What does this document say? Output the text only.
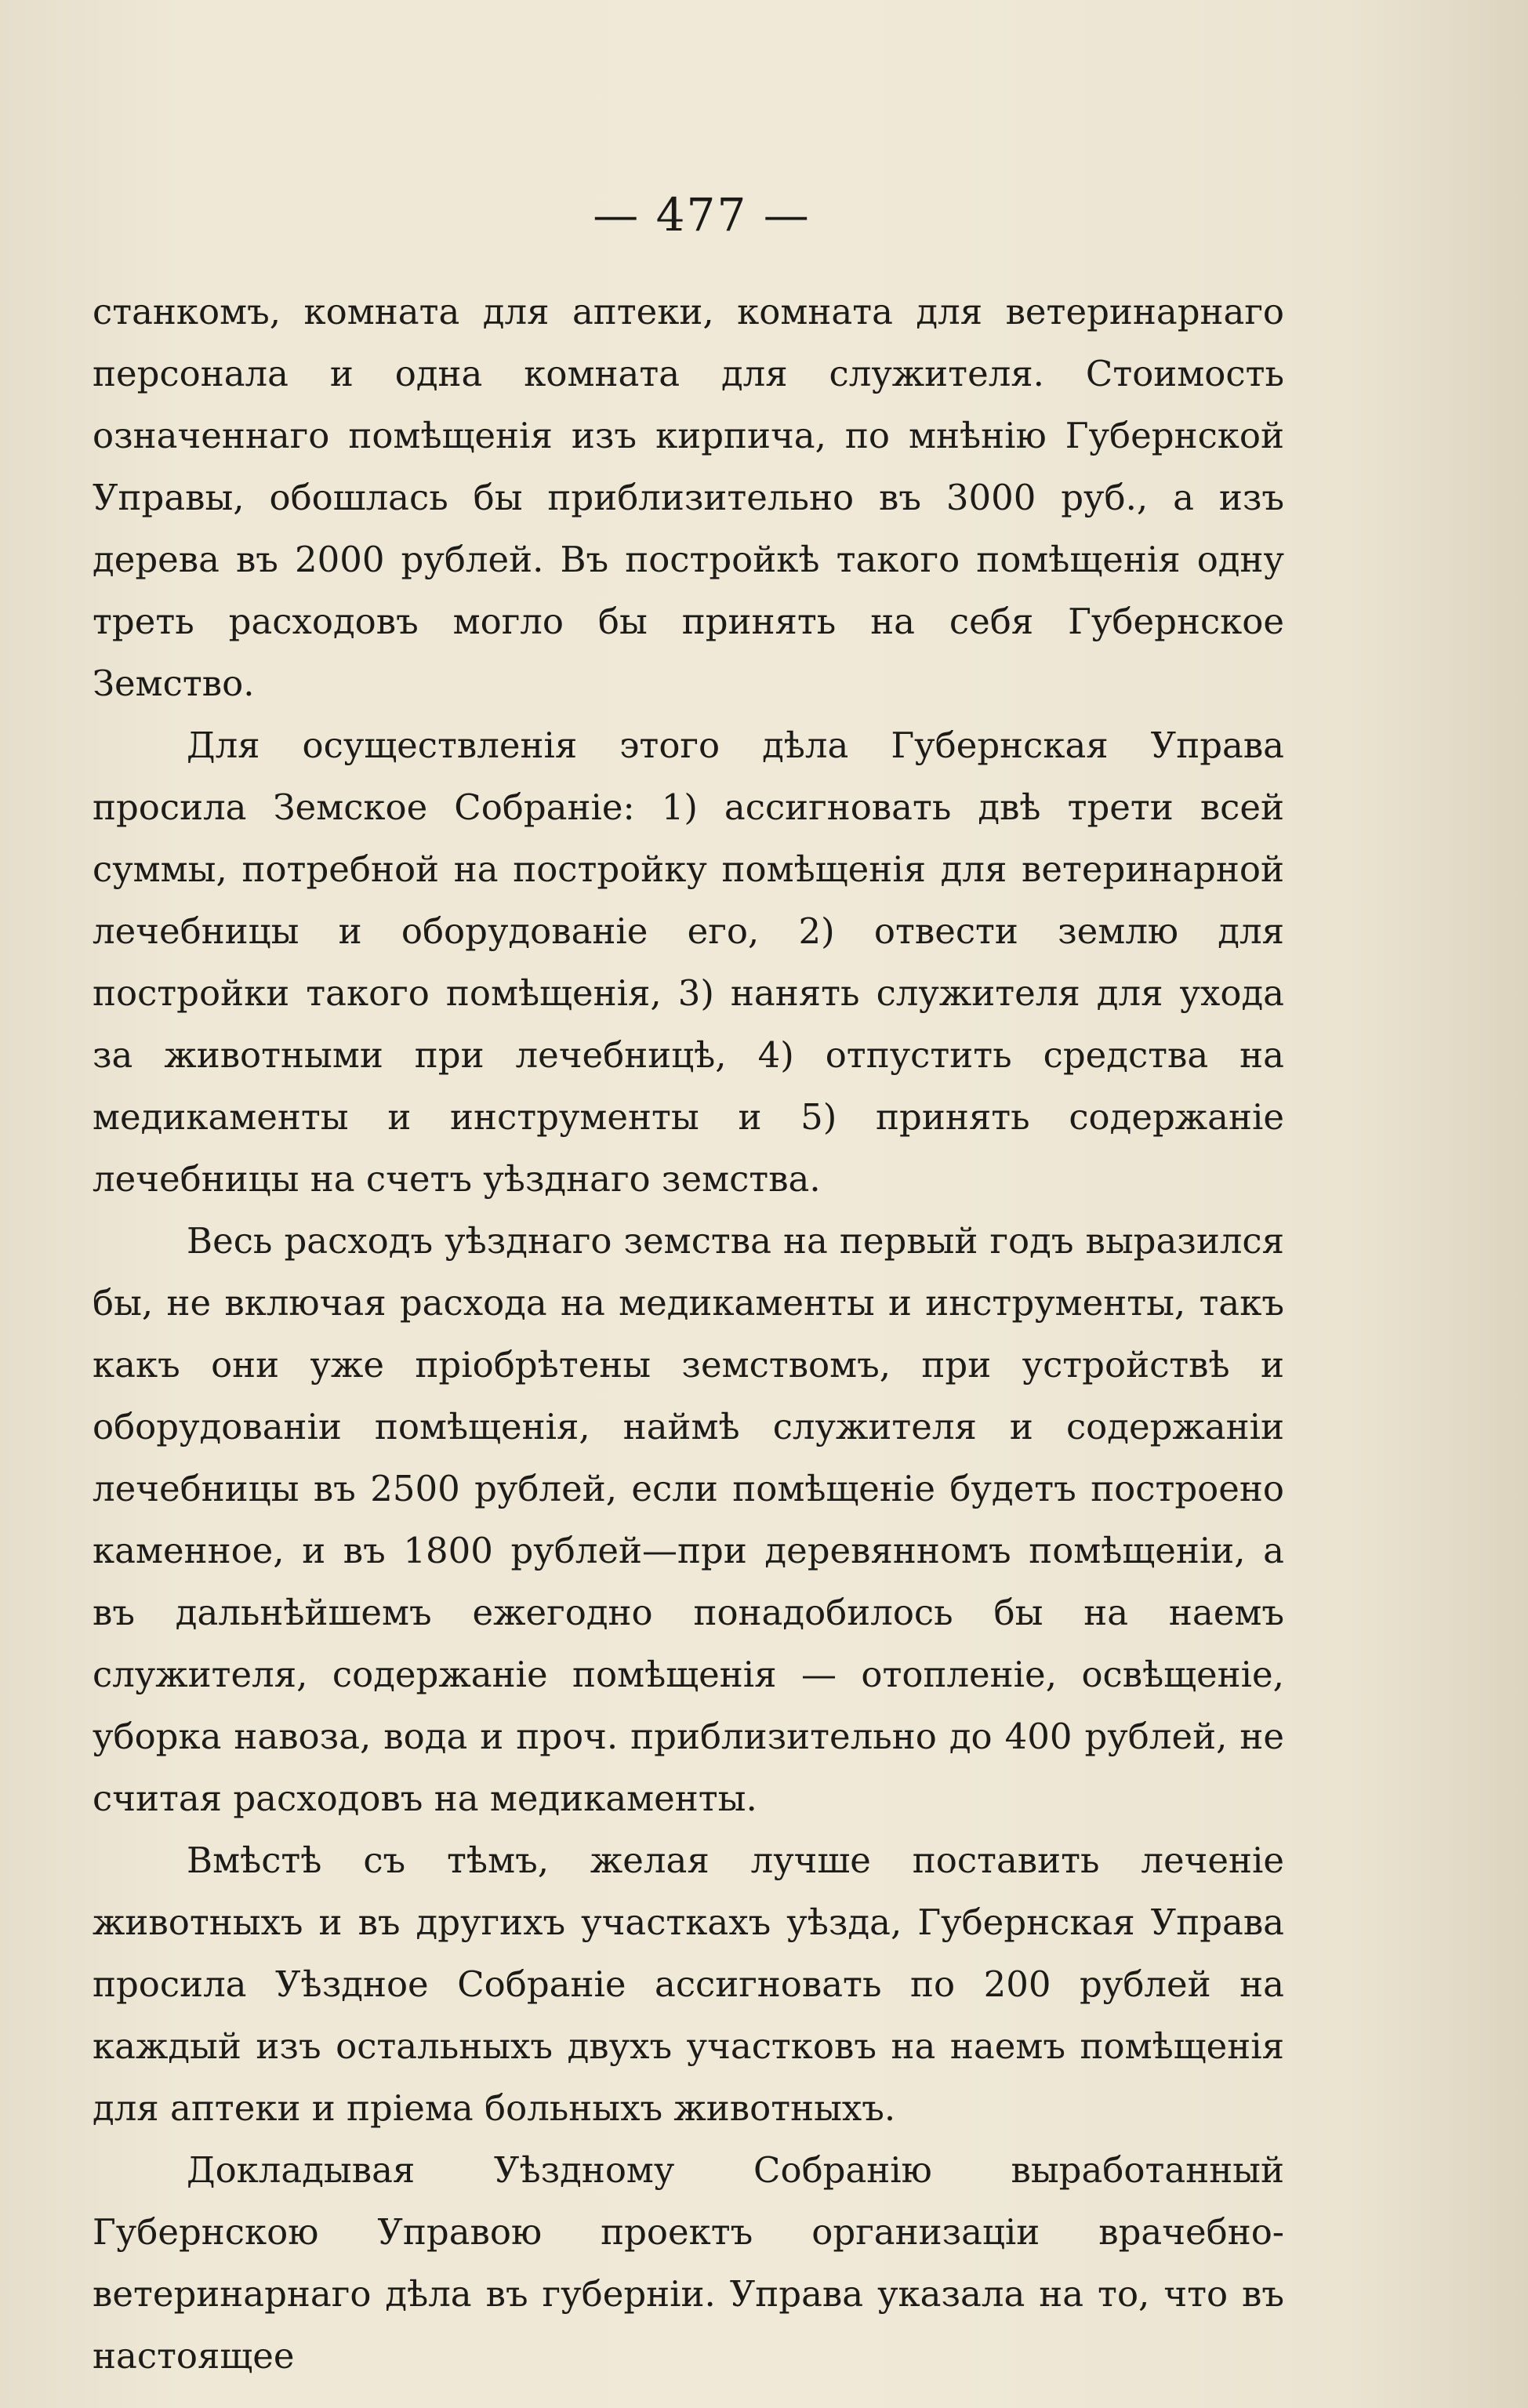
— 477 —

станкомъ, комната для аптеки, комната для ветеринарнаго персонала и одна комната для служителя. Стоимость означеннаго помѣщенія изъ кирпича, по мнѣнію Губернской Управы, обошлась бы приблизительно въ 3000 руб., а изъ дерева въ 2000 рублей. Въ постройкѣ такого помѣщенія одну треть расходовъ могло бы принять на себя Губернское Земство.

Для осуществленія этого дѣла Губернская Управа просила Земское Собраніе: 1) ассигновать двѣ трети всей суммы, потребной на постройку помѣщенія для ветеринарной лечебницы и оборудованіе его, 2) отвести землю для постройки такого помѣщенія, 3) нанять служителя для ухода за животными при лечебницѣ, 4) отпустить средства на медикаменты и инструменты и 5) принять содержаніе лечебницы на счетъ уѣзднаго земства.

Весь расходъ уѣзднаго земства на первый годъ выразился бы, не включая расхода на медикаменты и инструменты, такъ какъ они уже пріобрѣтены земствомъ, при устройствѣ и оборудованіи помѣщенія, наймѣ служителя и содержаніи лечебницы въ 2500 рублей, если помѣщеніе будетъ построено каменное, и въ 1800 рублей—при деревянномъ помѣщеніи, а въ дальнѣйшемъ ежегодно понадобилось бы на наемъ служителя, содержаніе помѣщенія — отопленіе, освѣщеніе, уборка навоза, вода и проч. приблизительно до 400 рублей, не считая расходовъ на медикаменты.

Вмѣстѣ съ тѣмъ, желая лучше поставить леченіе животныхъ и въ другихъ участкахъ уѣзда, Губернская Управа просила Уѣздное Собраніе ассигновать по 200 рублей на каждый изъ остальныхъ двухъ участковъ на наемъ помѣщенія для аптеки и пріема больныхъ животныхъ.

Докладывая Уѣздному Собранію выработанный Губернскою Управою проектъ организаціи врачебно-ветеринарнаго дѣла въ губерніи. Управа указала на то, что въ настоящее
